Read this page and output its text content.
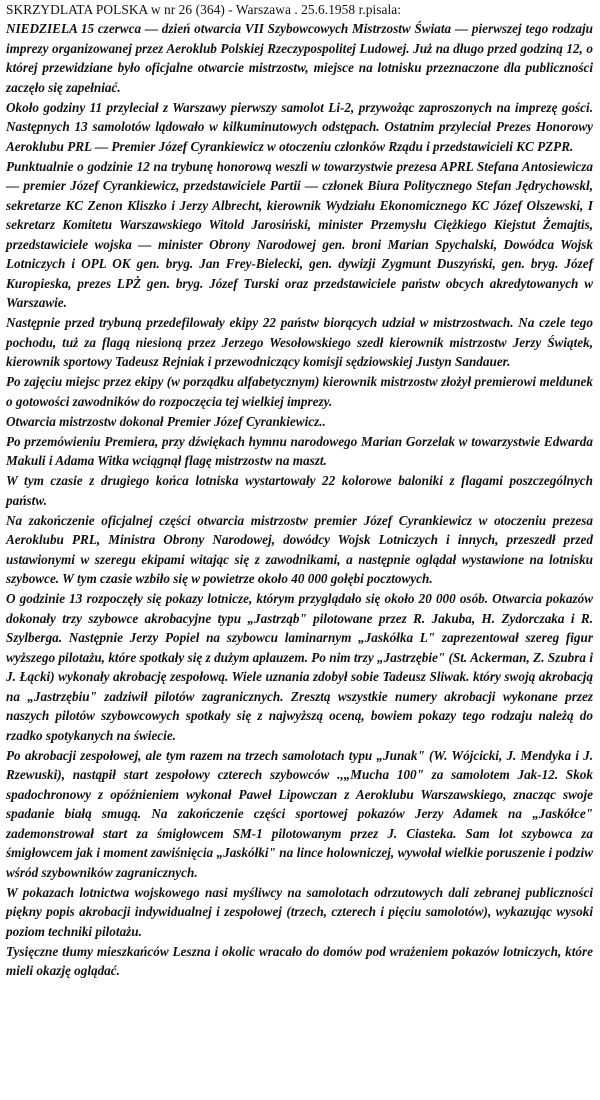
SKRZYDLATA POLSKA w nr 26 (364) - Warszawa . 25.6.1958 r.pisala:

NIEDZIELA 15 czerwca — dzień otwarcia VII Szybowcowych Mistrzostw Świata — pierwszej tego rodzaju imprezy organizowanej przez Aeroklub Polskiej Rzeczypospolitej Ludowej. Już na długo przed godziną 12, o której przewidziane było oficjalne otwarcie mistrzostw, miejsce na lotnisku przeznaczone dla publiczności zaczęło się zapełniać.

Około godziny 11 przyleciał z Warszawy pierwszy samolot Li-2, przywożąc zaproszonych na imprezę gości. Następnych 13 samolotów lądowało w kilkuminutowych odstępach. Ostatnim przyleciał Prezes Honorowy Aeroklubu PRL — Premier Józef Cyrankiewicz w otoczeniu członków Rządu i przedstawicieli KC PZPR.

Punktualnie o godzinie 12 na trybunę honorową weszli w towarzystwie prezesa APRL Stefana Antosiewicza — premier Józef Cyrankiewicz, przedstawiciele Partii — członek Biura Politycznego Stefan Jędrychowskl, sekretarze KC Zenon Kliszko i Jerzy Albrecht, kierownik Wydziału Ekonomicznego KC Józef Olszewski, I sekretarz Komitetu Warszawskiego Witold Jarosiński, minister Przemysłu Ciężkiego Kiejstut Żemajtis, przedstawiciele wojska — minister Obrony Narodowej gen. broni Marian Spychalski, Dowódca Wojsk Lotniczych i OPL OK gen. bryg. Jan Frey-Bielecki, gen. dywizji Zygmunt Duszyński, gen. bryg. Józef Kuropieska, prezes LPŻ gen. bryg. Józef Turski oraz przedstawiciele państw obcych akredytowanych w Warszawie.

Następnie przed trybuną przedefilowały ekipy 22 państw biorących udział w mistrzostwach. Na czele tego pochodu, tuż za flagą niesioną przez Jerzego Wesołowskiego szedł kierownik mistrzostw Jerzy Świątek, kierownik sportowy Tadeusz Rejniak i przewodniczący komisji sędziowskiej Justyn Sandauer.

Po zajęciu miejsc przez ekipy (w porządku alfabetycznym) kierownik mistrzostw złożył premierowi meldunek o gotowości zawodników do rozpoczęcia tej wielkiej imprezy.

Otwarcia mistrzostw dokonał Premier Józef Cyrankiewicz..

Po przemówieniu Premiera, przy dźwiękach hymnu narodowego Marian Gorzelak w towarzystwie Edwarda Makuli i Adama Witka wciągnął flagę mistrzostw na maszt.

W tym czasie z drugiego końca lotniska wystartowały 22 kolorowe baloniki z flagami poszczególnych państw.

Na zakończenie oficjalnej części otwarcia mistrzostw premier Józef Cyrankiewicz w otoczeniu prezesa Aeroklubu PRL, Ministra Obrony Narodowej, dowódcy Wojsk Lotniczych i innych, przeszedł przed ustawionymi w szeregu ekipami witając się z zawodnikami, a następnie oglądał wystawione na lotnisku szybowce. W tym czasie wzbiło się w powietrze około 40 000 gołębi pocztowych.

O godzinie 13 rozpoczęły się pokazy lotnicze, którym przyglądało się około 20 000 osób. Otwarcia pokazów dokonały trzy szybowce akrobacyjne typu „Jastrząb" pilotowane przez R. Jakuba, H. Zydorczaka i R. Szylberga. Następnie Jerzy Popiel na szybowcu laminarnym „Jaskółka L" zaprezentował szereg figur wyższego pilotażu, które spotkały się z dużym aplauzem. Po nim trzy „Jastrzębie" (St. Ackerman, Z. Szubra i J. Łącki) wykonały akrobację zespołową. Wiele uznania zdobył sobie Tadeusz Sliwak. który swoją akrobacją na „Jastrzębiu" zadziwił pilotów zagranicznych. Zresztą wszystkie numery akrobacji wykonane przez naszych pilotów szybowcowych spotkały się z najwyższą oceną, bowiem pokazy tego rodzaju należą do rzadko spotykanych na świecie.

Po akrobacji zespołowej, ale tym razem na trzech samolotach typu „Junak" (W. Wójcicki, J. Mendyka i J. Rzewuski), nastąpił start zespołowy czterech szybowców .,„Mucha 100" za samolotem Jak-12. Skok spadochronowy z opóźnieniem wykonał Paweł Lipowczan z Aeroklubu Warszawskiego, znacząc swoje spadanie białą smugą. Na zakończenie części sportowej pokazów Jerzy Adamek na „Jaskółce" zademonstrował start za śmigłowcem SM-1 pilotowanym przez J. Ciasteka. Sam lot szybowca za śmigłowcem jak i moment zawiśnięcia „Jaskółki" na lince holowniczej, wywołał wielkie poruszenie i podziw wśród szybowników zagranicznych.

W pokazach lotnictwa wojskowego nasi myśliwcy na samolotach odrzutowych dali zebranej publiczności piękny popis akrobacji indywidualnej i zespołowej (trzech, czterech i pięciu samolotów), wykazując wysoki poziom techniki pilotażu.

Tysięczne tłumy mieszkańców Leszna i okolic wracało do domów pod wrażeniem pokazów lotniczych, które mieli okazję oglądać.
